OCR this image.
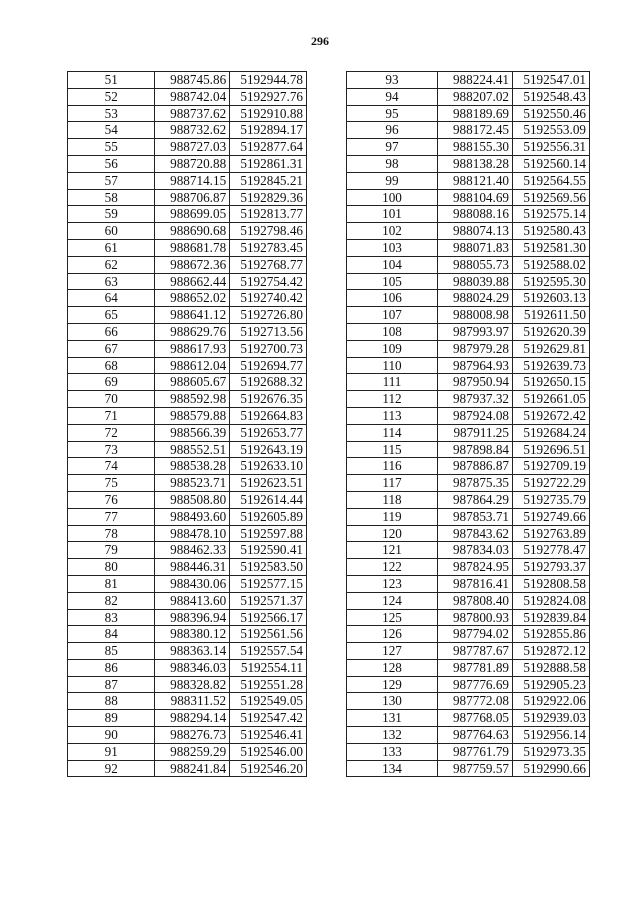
296
51	988745.86	5192944.78
52	988742.04	5192927.76
53	988737.62	5192910.88
54	988732.62	5192894.17
55	988727.03	5192877.64
56	988720.88	5192861.31
57	988714.15	5192845.21
58	988706.87	5192829.36
59	988699.05	5192813.77
60	988690.68	5192798.46
61	988681.78	5192783.45
62	988672.36	5192768.77
63	988662.44	5192754.42
64	988652.02	5192740.42
65	988641.12	5192726.80
66	988629.76	5192713.56
67	988617.93	5192700.73
68	988612.04	5192694.77
69	988605.67	5192688.32
70	988592.98	5192676.35
71	988579.88	5192664.83
72	988566.39	5192653.77
73	988552.51	5192643.19
74	988538.28	5192633.10
75	988523.71	5192623.51
76	988508.80	5192614.44
77	988493.60	5192605.89
78	988478.10	5192597.88
79	988462.33	5192590.41
80	988446.31	5192583.50
81	988430.06	5192577.15
82	988413.60	5192571.37
83	988396.94	5192566.17
84	988380.12	5192561.56
85	988363.14	5192557.54
86	988346.03	5192554.11
87	988328.82	5192551.28
88	988311.52	5192549.05
89	988294.14	5192547.42
90	988276.73	5192546.41
91	988259.29	5192546.00
92	988241.84	5192546.20
93	988224.41	5192547.01
94	988207.02	5192548.43
95	988189.69	5192550.46
96	988172.45	5192553.09
97	988155.30	5192556.31
98	988138.28	5192560.14
99	988121.40	5192564.55
100	988104.69	5192569.56
101	988088.16	5192575.14
102	988074.13	5192580.43
103	988071.83	5192581.30
104	988055.73	5192588.02
105	988039.88	5192595.30
106	988024.29	5192603.13
107	988008.98	5192611.50
108	987993.97	5192620.39
109	987979.28	5192629.81
110	987964.93	5192639.73
111	987950.94	5192650.15
112	987937.32	5192661.05
113	987924.08	5192672.42
114	987911.25	5192684.24
115	987898.84	5192696.51
116	987886.87	5192709.19
117	987875.35	5192722.29
118	987864.29	5192735.79
119	987853.71	5192749.66
120	987843.62	5192763.89
121	987834.03	5192778.47
122	987824.95	5192793.37
123	987816.41	5192808.58
124	987808.40	5192824.08
125	987800.93	5192839.84
126	987794.02	5192855.86
127	987787.67	5192872.12
128	987781.89	5192888.58
129	987776.69	5192905.23
130	987772.08	5192922.06
131	987768.05	5192939.03
132	987764.63	5192956.14
133	987761.79	5192973.35
134	987759.57	5192990.66
